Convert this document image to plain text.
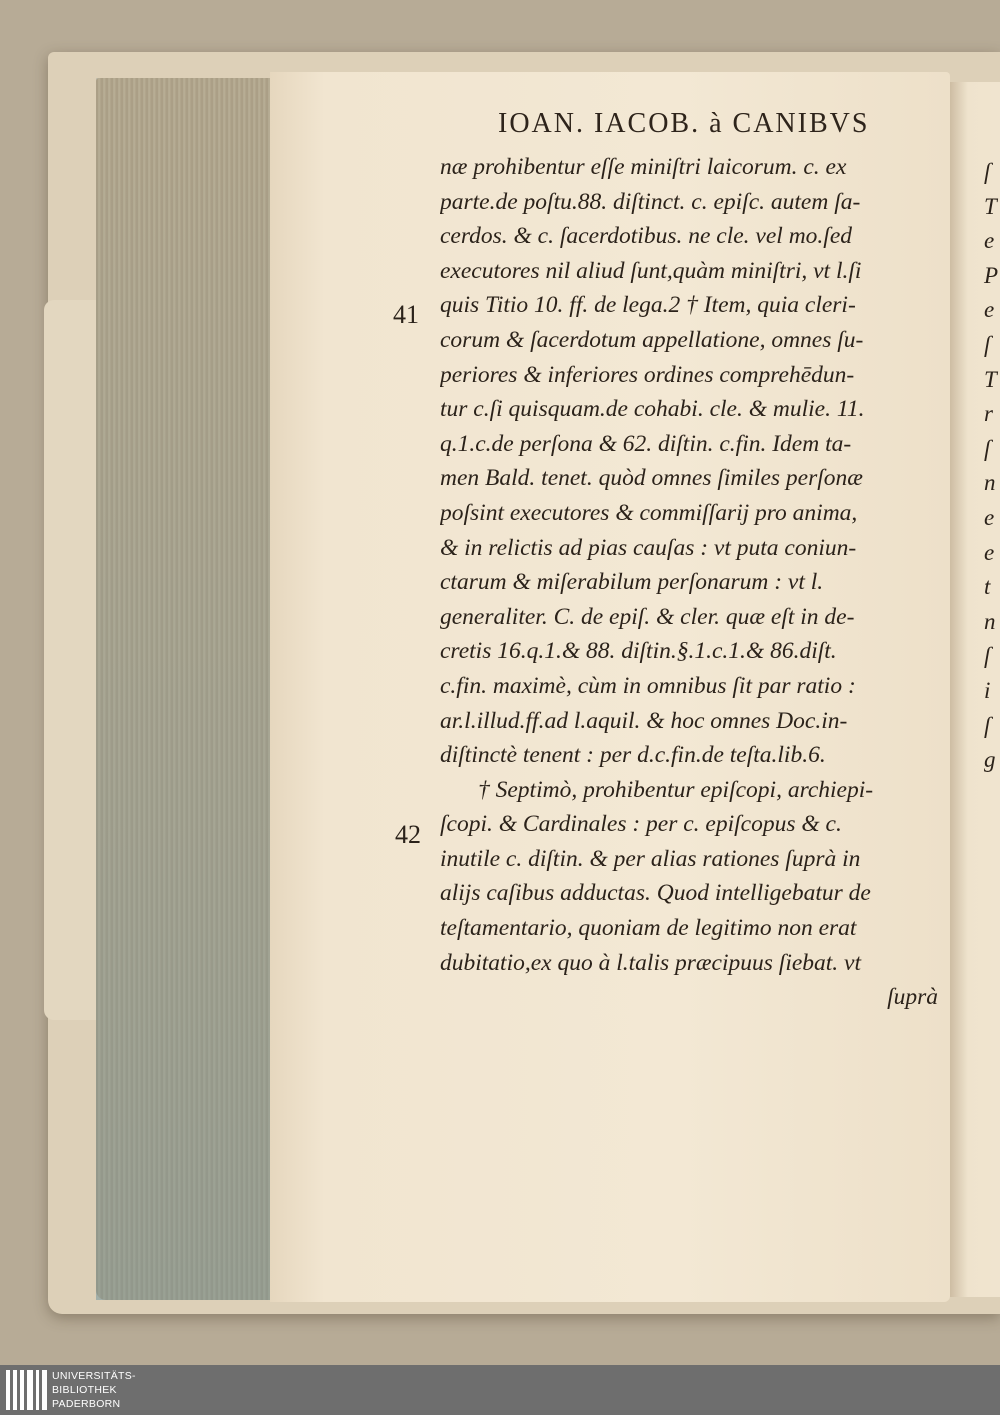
ſ
T
e
P
e
ſ
T
r
ſ
n
e
e
t
n
ſ
i
ſ
g
IOAN. IACOB. à CANIBVS
41
42
næ prohibentur eſſe miniſtri laicorum. c. ex
parte.de poſtu.88. diſtinct. c. epiſc. autem ſa-
cerdos. & c. ſacerdotibus. ne cle. vel mo.ſed
executores nil aliud ſunt,quàm miniſtri, vt l.ſi
quis Titio 10. ff. de lega.2 † Item, quia cleri-
corum & ſacerdotum appellatione, omnes ſu-
periores & inferiores ordines comprehēdun-
tur c.ſi quisquam.de cohabi. cle. & mulie. 11.
q.1.c.de perſona & 62. diſtin. c.fin. Idem ta-
men Bald. tenet. quòd omnes ſimiles perſonæ
poſsint executores & commiſſarij pro anima,
& in relictis ad pias cauſas : vt puta coniun-
ctarum & miſerabilum perſonarum : vt l.
generaliter. C. de epiſ. & cler. quæ eſt in de-
cretis 16.q.1.& 88. diſtin.§.1.c.1.& 86.diſt.
c.fin. maximè, cùm in omnibus ſit par ratio :
ar.l.illud.ff.ad l.aquil. & hoc omnes Doc.in-
diſtinctè tenent : per d.c.fin.de teſta.lib.6.
† Septimò, prohibentur epiſcopi, archiepi-
ſcopi. & Cardinales : per c. epiſcopus & c.
inutile c. diſtin. & per alias rationes ſuprà in
alijs caſibus adductas. Quod intelligebatur de
teſtamentario, quoniam de legitimo non erat
dubitatio,ex quo à l.talis præcipuus ſiebat. vt
ſuprà
UNIVERSITÄTS-
BIBLIOTHEK
PADERBORN
